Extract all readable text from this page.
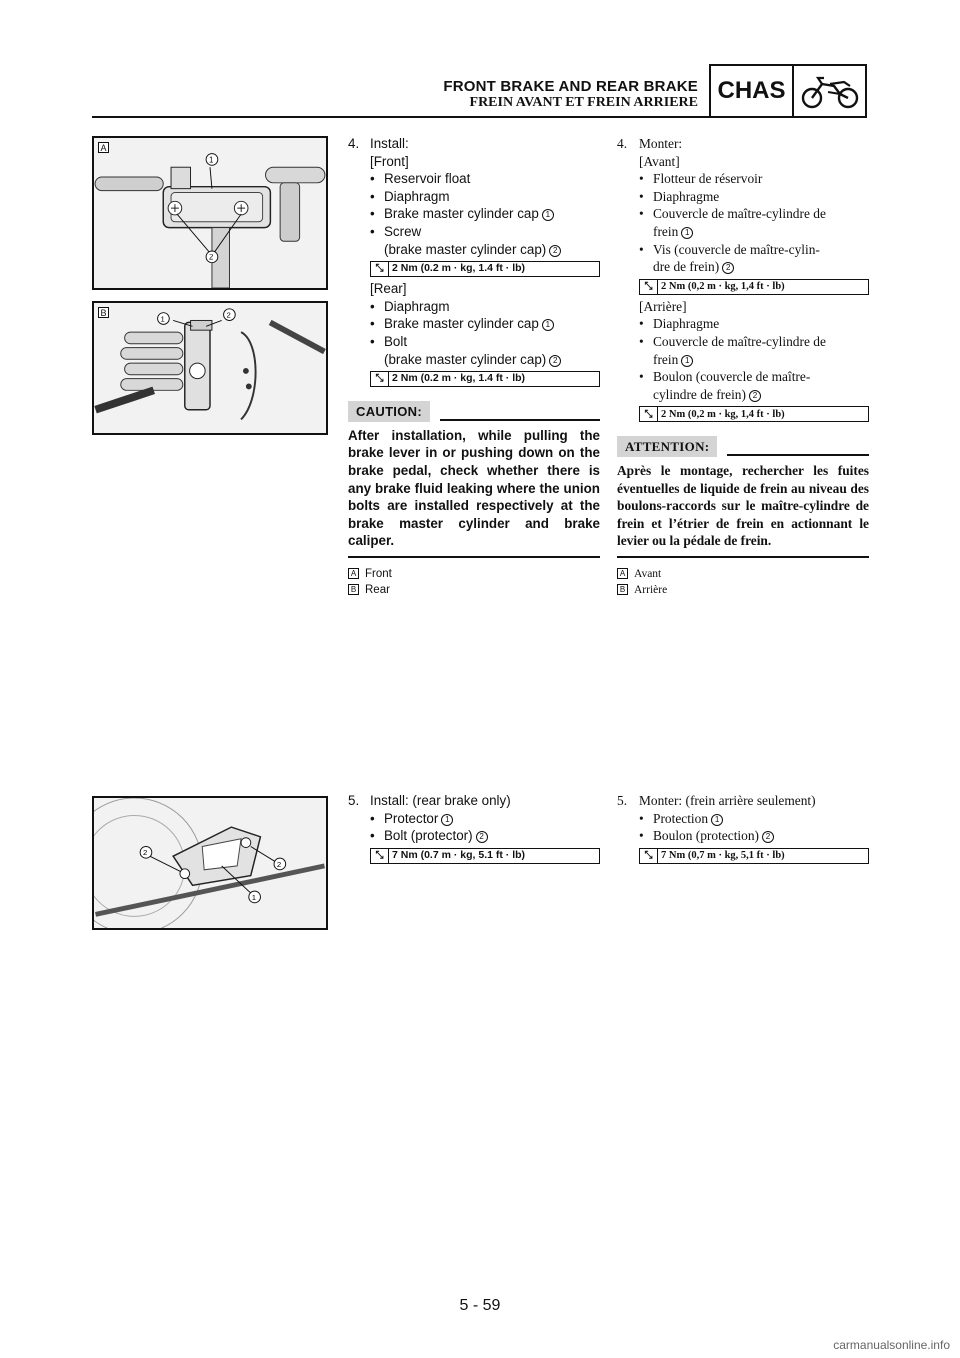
FRONT BRAKE AND REAR BRAKE
FREIN AVANT ET FREIN ARRIERE CHAS
A
1
2
B
1	2
2
2
1
4. Install:
[Front]
• Reservoir float
• Diaphragm
• Brake master cylinder cap 1
• Screw
(brake master cylinder cap) 2
⤡ 2 Nm (0.2 m · kg, 1.4 ft · lb)
[Rear]
• Diaphragm
• Brake master cylinder cap 1
• Bolt
(brake master cylinder cap) 2
⤡ 2 Nm (0.2 m · kg, 1.4 ft · lb)
CAUTION:
After installation, while pulling the brake lever in or pushing down on the brake pedal, check whether there is any brake fluid leaking where the union bolts are installed respectively at the brake master cylinder and brake caliper.
A Front
B Rear
5. Install: (rear brake only)
• Protector 1
• Bolt (protector) 2
⤡ 7 Nm (0.7 m · kg, 5.1 ft · lb)
4. Monter:
[Avant]
• Flotteur de réservoir
• Diaphragme
• Couvercle de maître-cylindre de
frein 1
• Vis (couvercle de maître-cylin-
dre de frein) 2
⤡ 2 Nm (0,2 m · kg, 1,4 ft · lb)
[Arrière]
• Diaphragme
• Couvercle de maître-cylindre de
frein 1
• Boulon (couvercle de maître-
cylindre de frein) 2
⤡ 2 Nm (0,2 m · kg, 1,4 ft · lb)
ATTENTION:
Après le montage, rechercher les fuites éventuelles de liquide de frein au niveau des boulons-raccords sur le maître-cylindre de frein et l’étrier de frein en actionnant le levier ou la pédale de frein.
A Avant
B Arrière
5. Monter: (frein arrière seulement)
• Protection 1
• Boulon (protection) 2
⤡ 7 Nm (0,7 m · kg, 5,1 ft · lb)
5 - 59
carmanualsonline.info
